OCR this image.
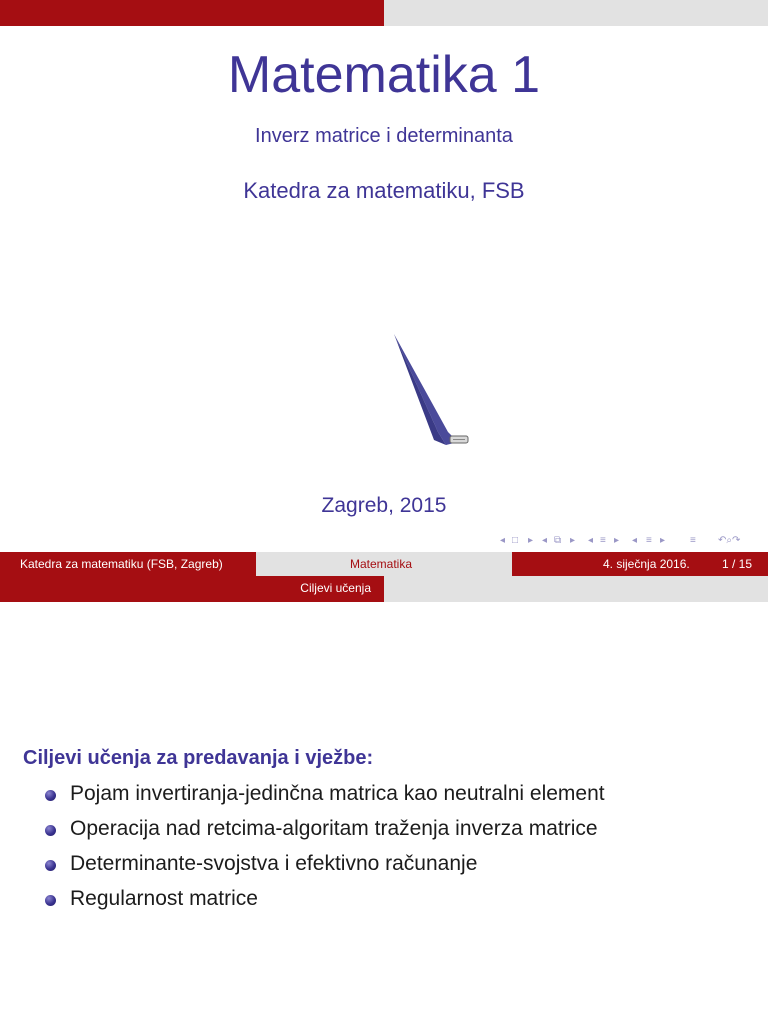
Matematika 1
Inverz matrice i determinanta
Katedra za matematiku, FSB
Zagreb, 2015
◂ □ ▸ ◂ ⧉ ▸ ◂ ≡ ▸ ◂ ≡ ▸ ≡ ↶⌕↷
Katedra za matematiku (FSB, Zagreb)	Matematika	4. siječnja 2016.	1 / 15
Ciljevi učenja
Ciljevi učenja za predavanja i vježbe:
Pojam invertiranja-jedinčna matrica kao neutralni element
Operacija nad retcima-algoritam traženja inverza matrice
Determinante-svojstva i efektivno računanje
Regularnost matrice
